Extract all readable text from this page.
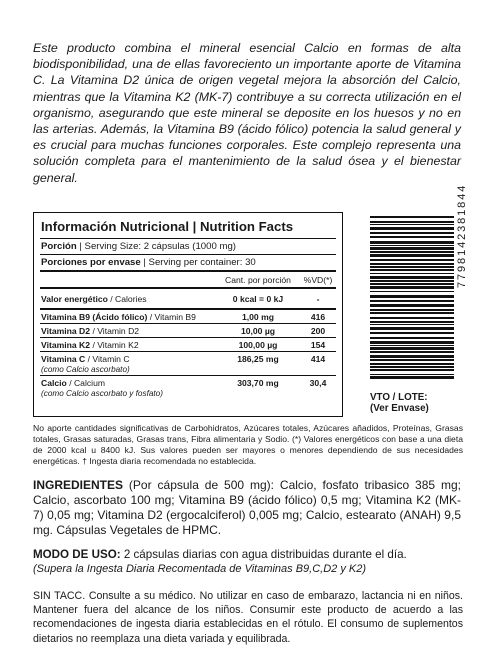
Este producto combina el mineral esencial Calcio en formas de alta biodisponibilidad, una de ellas favoreciento un importante aporte de Vitamina C. La Vitamina D2 única de origen vegetal mejora la absorción del Calcio, mientras que la Vitamina K2 (MK-7) contribuye a su correcta utilización en el organismo, asegurando que este mineral se deposite en los huesos y no en las arterias. Además, la Vitamina B9 (ácido fólico) potencia la salud general y es crucial para muchas funciones corporales. Este complejo representa una solución completa para el mantenimiento de la salud ósea y el bienestar general.

Información Nutricional | Nutrition Facts
Porción | Serving Size: 2 cápsulas (1000 mg)
Porciones por envase | Serving per container: 30
Cant. por porción	%VD(*)
Valor energético / Calories	0 kcal = 0 kJ	-
Vitamina B9 (Ácido fólico) / Vitamin B9	1,00 mg	416
Vitamina D2 / Vitamin D2	10,00 µg	200
Vitamina K2 / Vitamin K2	100,00 µg	154
Vitamina C / Vitamin C
(como Calcio ascorbato)
186,25 mg	414
Calcio / Calcium
(como Calcio ascorbato y fosfato)
303,70 mg	30,4
7798142381844
VTO / LOTE:
(Ver Envase)
No aporte cantidades significativas de Carbohidratos, Azúcares totales, Azúcares añadidos, Proteínas, Grasas totales, Grasas saturadas, Grasas trans, Fibra alimentaria y Sodio. (*) Valores energéticos con base a una dieta de 2000 kcal u 8400 kJ. Sus valores pueden ser mayores o menores dependiendo de sus necesidades energéticas. † Ingesta diaria recomendada no establecida.
INGREDIENTES (Por cápsula de 500 mg): Calcio, fosfato tribasico 385 mg; Calcio, ascorbato 100 mg; Vitamina B9 (ácido fólico) 0,5 mg; Vitamina K2 (MK-7) 0,05 mg; Vitamina D2 (ergocalciferol) 0,005 mg; Calcio, estearato (ANAH) 9,5 mg. Cápsulas Vegetales de HPMC.
MODO DE USO: 2 cápsulas diarias con agua distribuidas durante el día.
(Supera la Ingesta Diaria Recomentada de Vitaminas B9,C,D2 y K2)
SIN TACC. Consulte a su médico. No utilizar en caso de embarazo, lactancia ni en niños. Mantener fuera del alcance de los niños. Consumir este producto de acuerdo a las recomendaciones de ingesta diaria establecidas en el rótulo. El consumo de suplementos dietarios no reemplaza una dieta variada y equilibrada.
